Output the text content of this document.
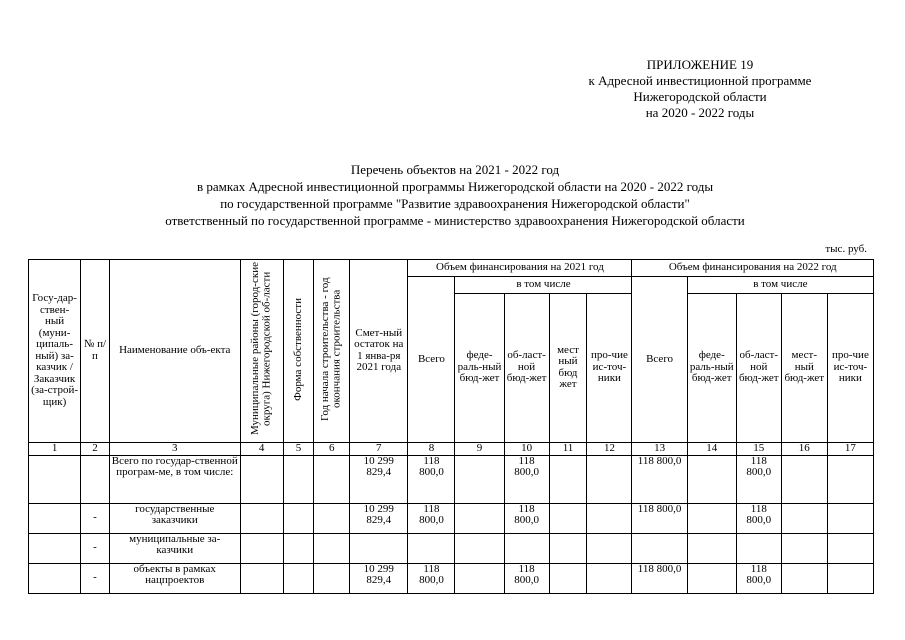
ПРИЛОЖЕНИЕ 19
к Адресной инвестиционной программе
Нижегородской области
на 2020 - 2022 годы
Перечень объектов на 2021 - 2022 год
в рамках Адресной инвестиционной программы Нижегородской области на 2020 - 2022 годы
по государственной программе "Развитие здравоохранения Нижегородской области"
ответственный по государственной программе - министерство здравоохранения Нижегородской области
тыс. руб.
Госу-дар-ствен-ный (муни-ципаль-ный) за-казчик / Заказчик (за-строй-щик)	№ п/п	Наименование объ-екта	Муниципальные районы (город-ские округа) Нижегородской об-ласти	Форма собственности	Год начала строительства - год окончания строительства	Смет-ный остаток на 1 янва-ря 2021 года	Объем финансирования на 2021 год					Объем финансирования на 2022 год				
							Всего	в том числе				Всего	в том числе			
								феде-раль-ный бюд-жет	об-ласт-ной бюд-жет	мест ный бюд жет	про-чие ис-точ-ники		феде-раль-ный бюд-жет	об-ласт-ной бюд-жет	мест-ный бюд-жет	про-чие ис-точ-ники
1	2	3	4	5	6	7	8	9	10	11	12	13	14	15	16	17
		Всего по государ-ственной програм-ме, в том числе:				10 299 829,4	118 800,0		118 800,0			118 800,0		118 800,0		
	-	государственные заказчики				10 299 829,4	118 800,0		118 800,0			118 800,0		118 800,0		
	-	муниципальные за-казчики														
	-	объекты в рамках нацпроектов				10 299 829,4	118 800,0		118 800,0			118 800,0		118 800,0		
